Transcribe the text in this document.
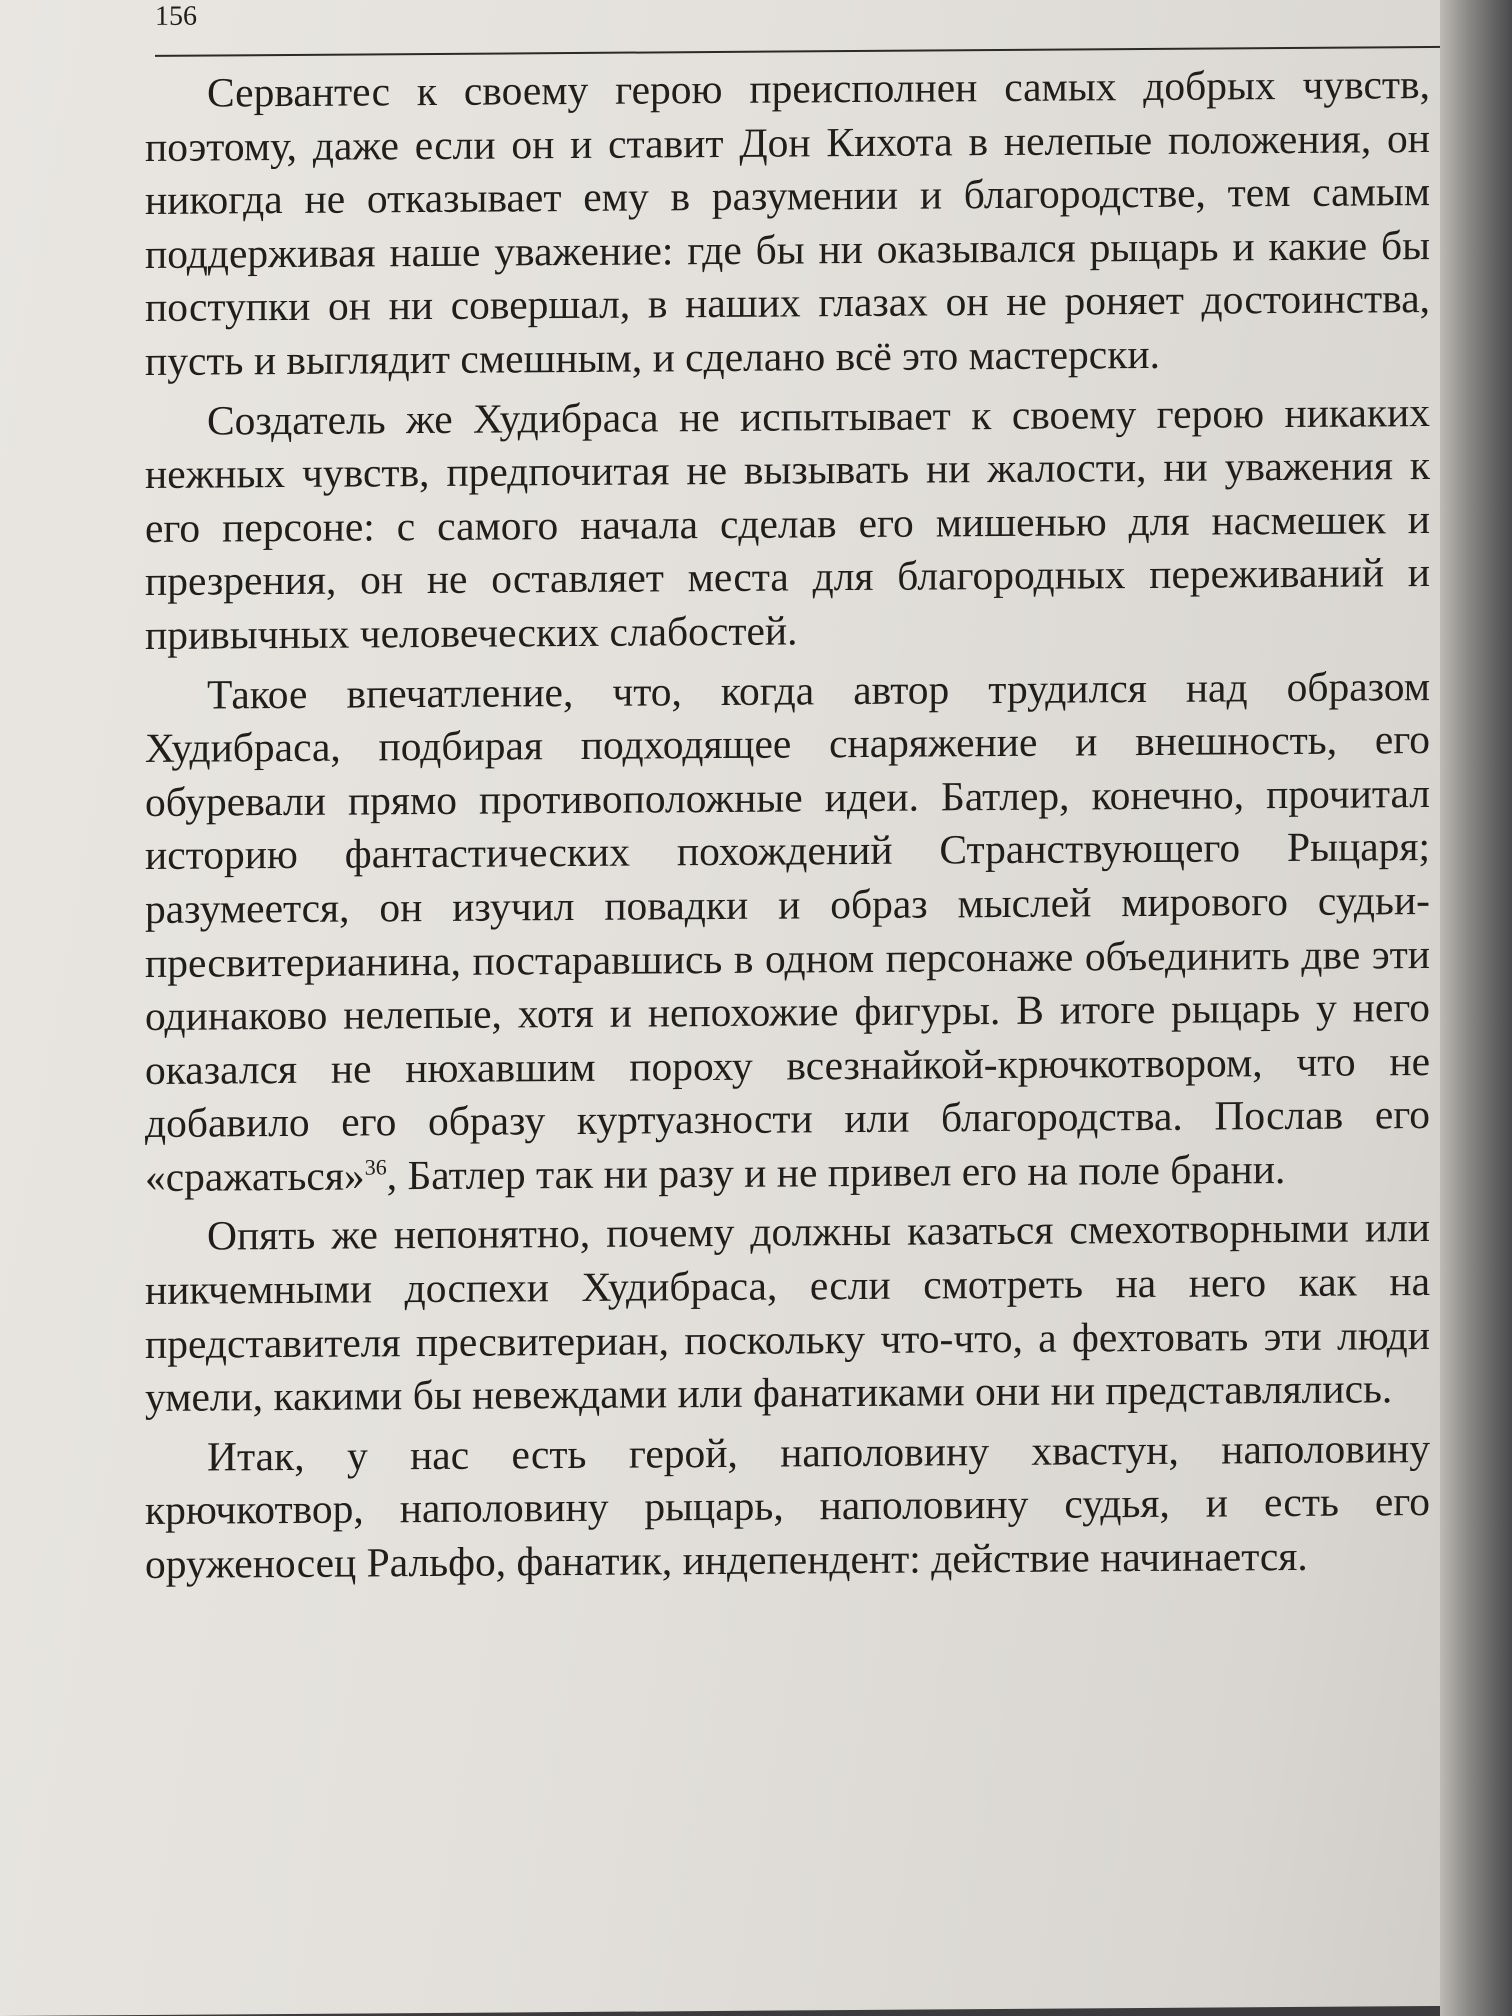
156

Сервантес к своему герою преисполнен самых добрых чувств, поэтому, даже если он и ставит Дон Кихота в нелепые положения, он никогда не отказывает ему в разумении и благородстве, тем самым поддерживая наше уважение: где бы ни оказывался рыцарь и какие бы поступки он ни совершал, в наших глазах он не роняет достоинства, пусть и выглядит смешным, и сделано всё это мастерски.

Создатель же Худибраса не испытывает к своему герою никаких нежных чувств, предпочитая не вызывать ни жалости, ни уважения к его персоне: с самого начала сделав его мишенью для насмешек и презрения, он не оставляет места для благородных переживаний и привычных человеческих слабостей.

Такое впечатление, что, когда автор трудился над образом Худибраса, подбирая подходящее снаряжение и внешность, его обуревали прямо противоположные идеи. Батлер, конечно, прочитал историю фантастических похождений Странствующего Рыцаря; разумеется, он изучил повадки и образ мыслей мирового судьи-пресвитерианина, постаравшись в одном персонаже объединить две эти одинаково нелепые, хотя и непохожие фигуры. В итоге рыцарь у него оказался не нюхавшим пороху всезнайкой-крючкотвором, что не добавило его образу куртуазности или благородства. Послав его «сражаться»$^{36}$, Батлер так ни разу и не привел его на поле брани.

Опять же непонятно, почему должны казаться смехотворными или никчемными доспехи Худибраса, если смотреть на него как на представителя пресвитериан, поскольку что-что, а фехтовать эти люди умели, какими бы невеждами или фанатиками они ни представлялись.

Итак, у нас есть герой, наполовину хвастун, наполовину крючкотвор, наполовину рыцарь, наполовину судья, и есть его оруженосец Ральфо, фанатик, индепендент: действие начинается.
